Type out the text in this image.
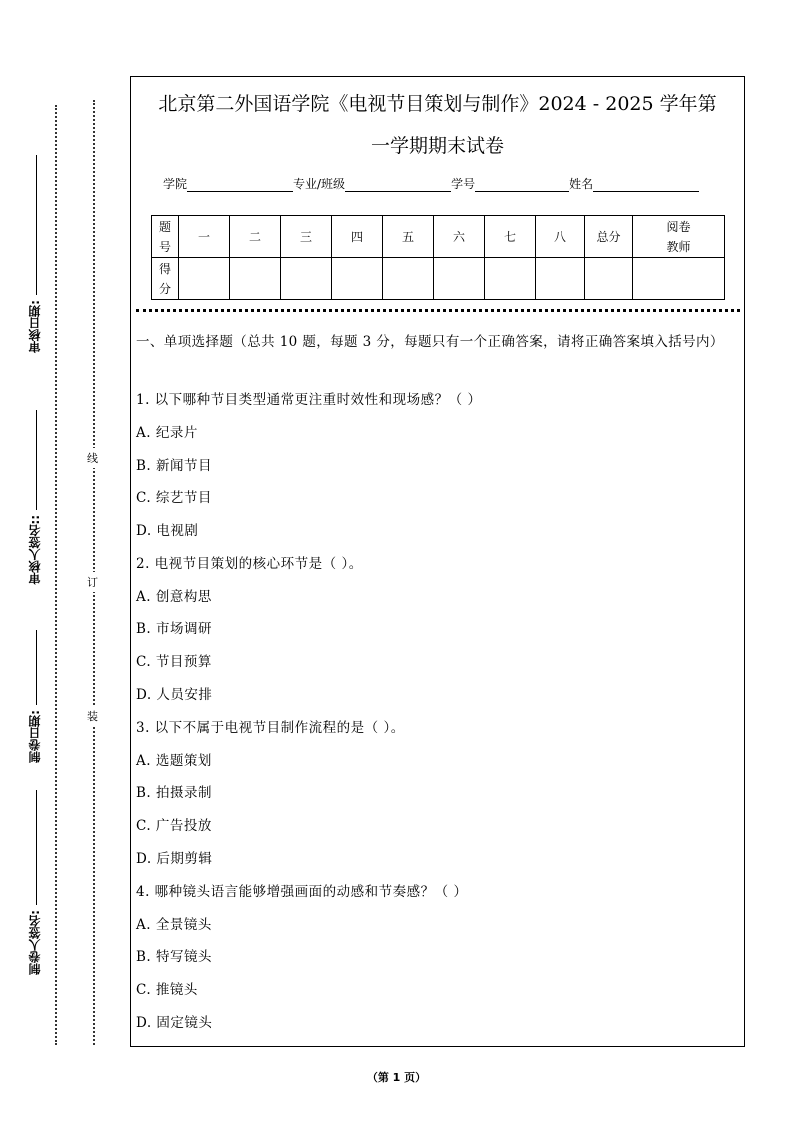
审核日期:
审核人签名::
制卷日期:
制卷人签名:
线
订
装
北京第二外国语学院《电视节目策划与制作》2024 - 2025 学年第
一学期期末试卷
学院	专业/班级	学号	姓名
题
号	一	二	三	四	五	六	七	八	总分	阅卷
教师
得
分										
一、单项选择题（总共 10 题，每题 3 分，每题只有一个正确答案，请将正确答案填入括号内）
1. 以下哪种节目类型通常更注重时效性和现场感？（ ）
A. 纪录片
B. 新闻节目
C. 综艺节目
D. 电视剧
2. 电视节目策划的核心环节是（ ）。
A. 创意构思
B. 市场调研
C. 节目预算
D. 人员安排
3. 以下不属于电视节目制作流程的是（ ）。
A. 选题策划
B. 拍摄录制
C. 广告投放
D. 后期剪辑
4. 哪种镜头语言能够增强画面的动感和节奏感？（ ）
A. 全景镜头
B. 特写镜头
C. 推镜头
D. 固定镜头
（第 1 页）
